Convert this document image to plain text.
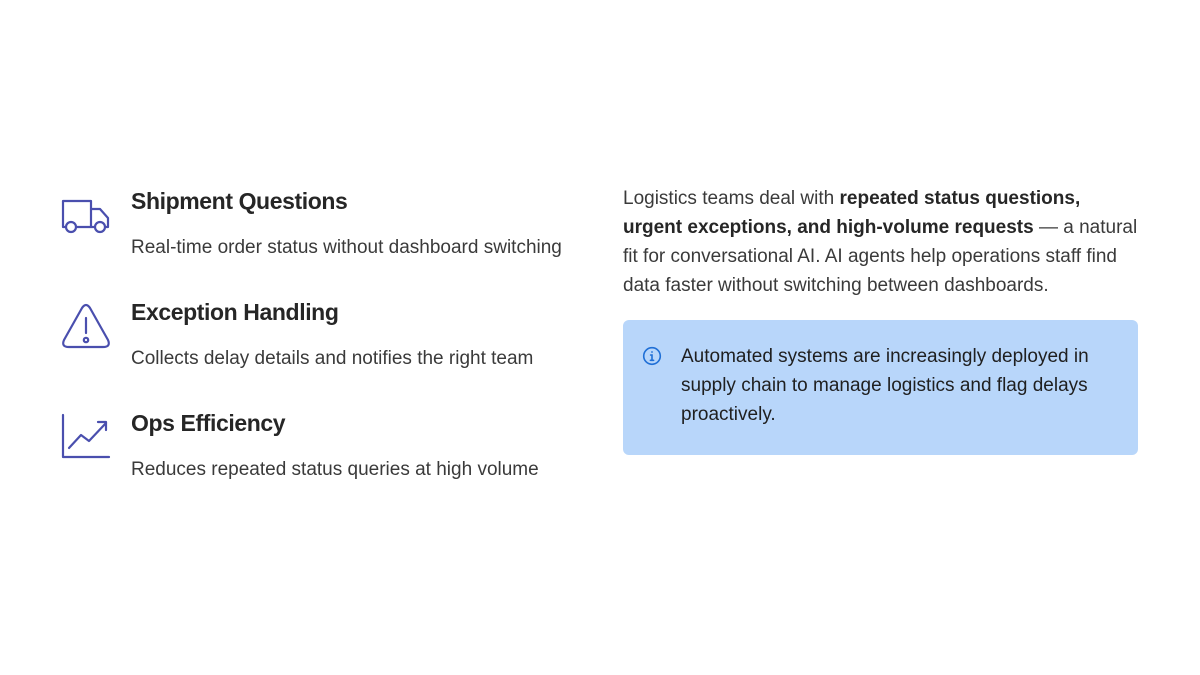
Shipment Questions
Real-time order status without dashboard switching
Exception Handling
Collects delay details and notifies the right team
Ops Efficiency
Reduces repeated status queries at high volume
Logistics teams deal with repeated status questions, urgent exceptions, and high-volume requests — a natural fit for conversational AI. AI agents help operations staff find data faster without switching between dashboards.
Automated systems are increasingly deployed in supply chain to manage logistics and flag delays proactively.
